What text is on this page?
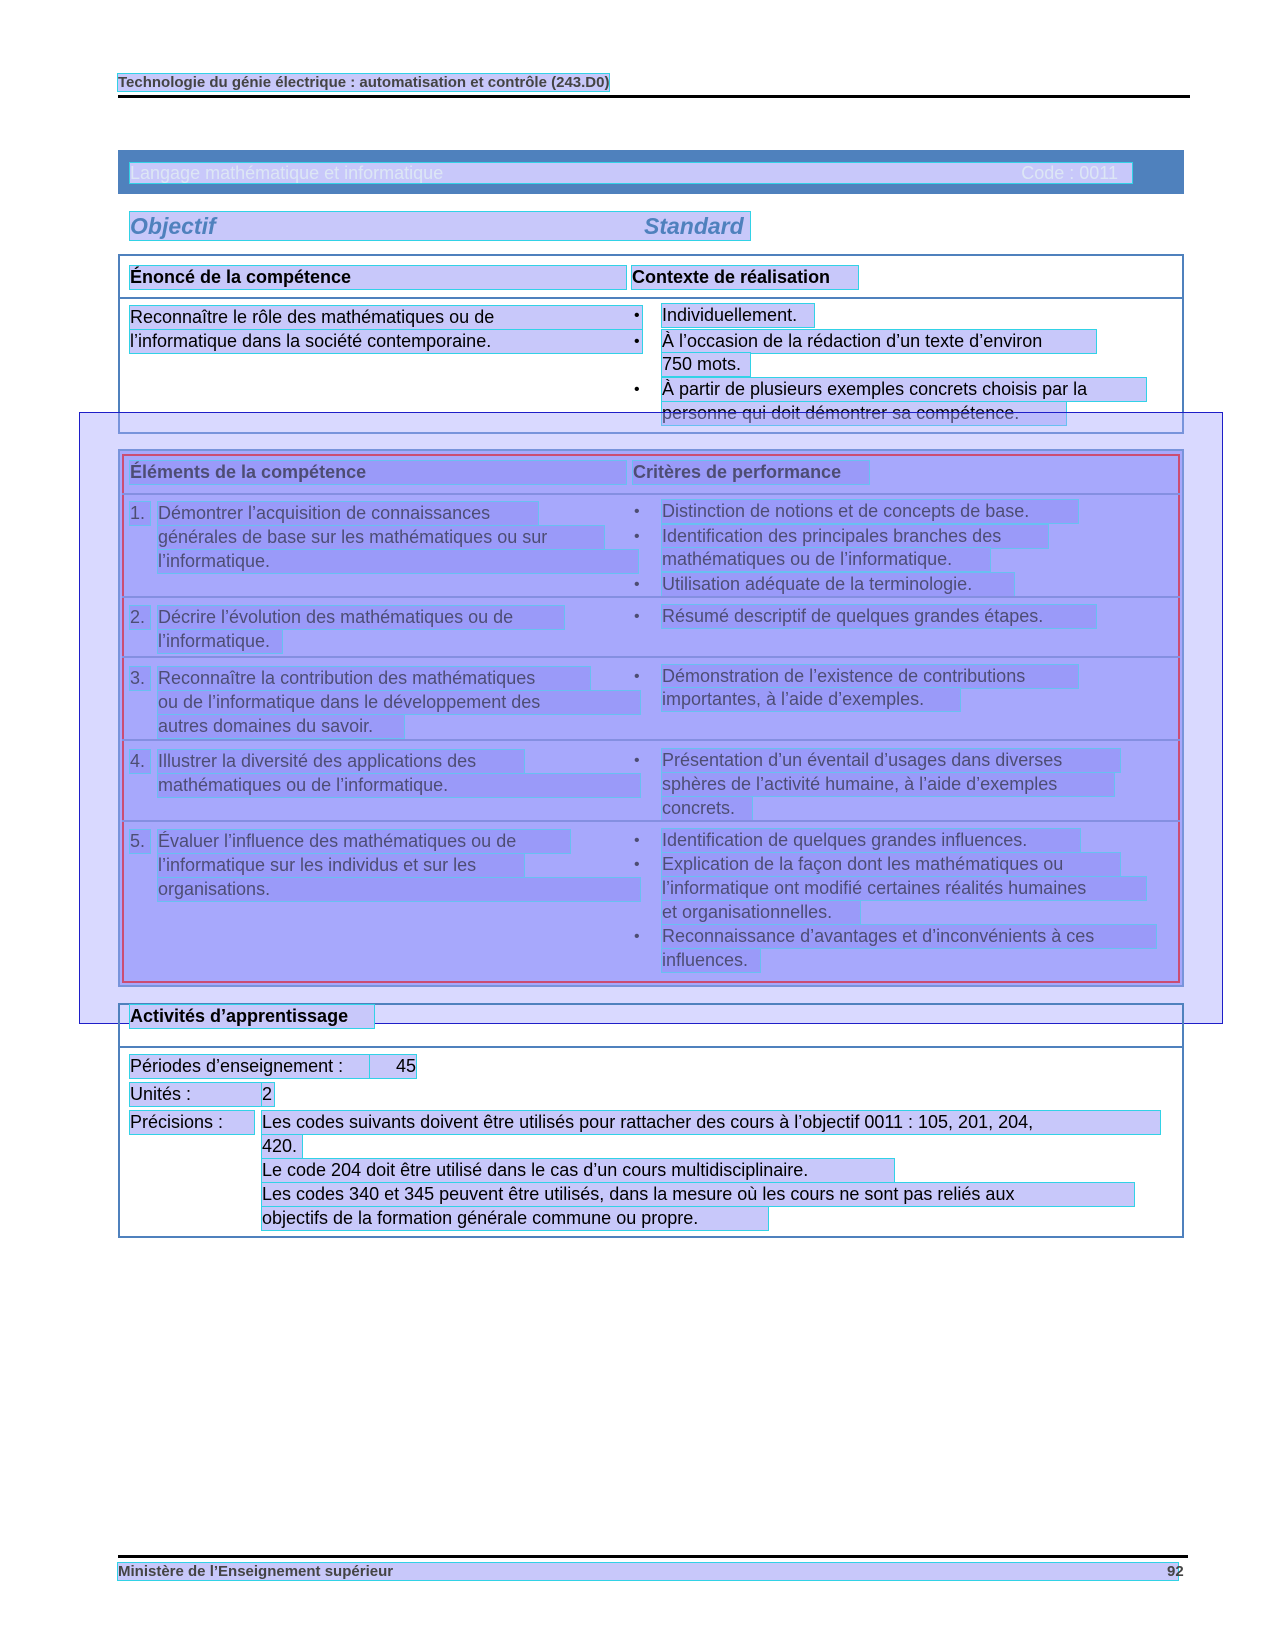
Technologie du génie électrique : automatisation et contrôle (243.D0)
Langage mathématique et informatique	Code : 0011
Objectif	Standard
Énoncé de la compétence	Contexte de réalisation
Reconnaître le rôle des mathématiques ou de
l’informatique dans la société contemporaine.
• Individuellement.
• À l’occasion de la rédaction d’un texte d’environ
750 mots.
• À partir de plusieurs exemples concrets choisis par la
personne qui doit démontrer sa compétence.
Éléments de la compétence	Critères de performance
1. Démontrer l’acquisition de connaissances
générales de base sur les mathématiques ou sur
l’informatique.
• Distinction de notions et de concepts de base.
• Identification des principales branches des
mathématiques ou de l’informatique.
• Utilisation adéquate de la terminologie.
2. Décrire l’évolution des mathématiques ou de
l’informatique.
• Résumé descriptif de quelques grandes étapes.
3. Reconnaître la contribution des mathématiques
ou de l’informatique dans le développement des
autres domaines du savoir.
• Démonstration de l’existence de contributions
importantes, à l’aide d’exemples.
4. Illustrer la diversité des applications des
mathématiques ou de l’informatique.
• Présentation d’un éventail d’usages dans diverses
sphères de l’activité humaine, à l’aide d’exemples
concrets.
5. Évaluer l’influence des mathématiques ou de
l’informatique sur les individus et sur les
organisations.
• Identification de quelques grandes influences.
• Explication de la façon dont les mathématiques ou
l’informatique ont modifié certaines réalités humaines
et organisationnelles.
• Reconnaissance d’avantages et d’inconvénients à ces
influences.
Activités d’apprentissage
Périodes d’enseignement :	45
Unités :	2
Précisions :	Les codes suivants doivent être utilisés pour rattacher des cours à l’objectif 0011 : 105, 201, 204,
420.
Le code 204 doit être utilisé dans le cas d’un cours multidisciplinaire.
Les codes 340 et 345 peuvent être utilisés, dans la mesure où les cours ne sont pas reliés aux
objectifs de la formation générale commune ou propre.
Ministère de l’Enseignement supérieur	92
